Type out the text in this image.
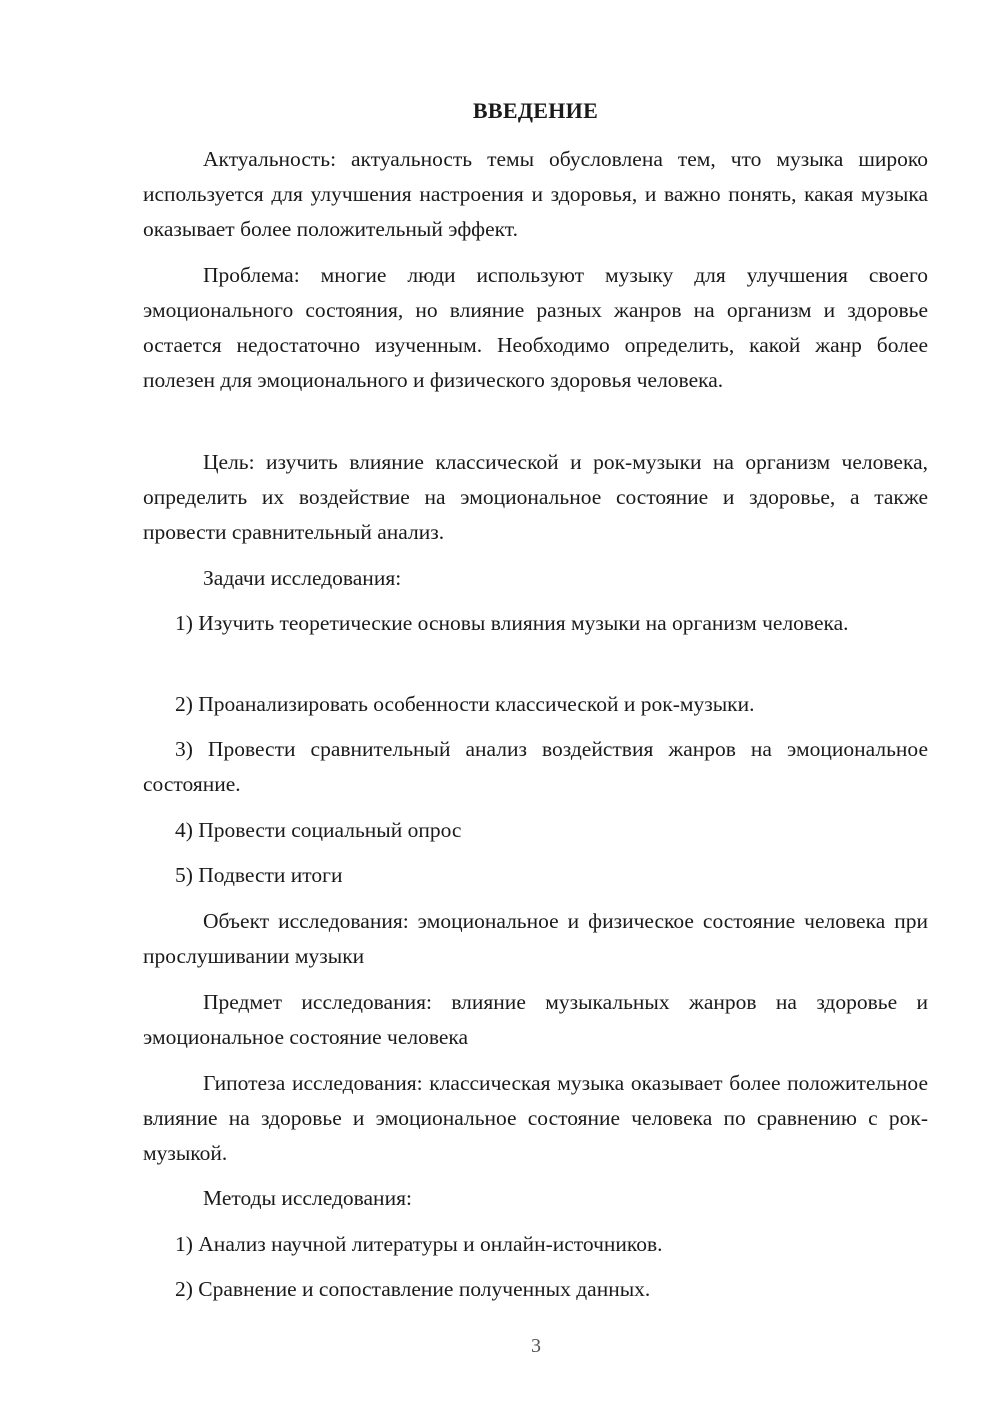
ВВЕДЕНИЕ

Актуальность: актуальность темы обусловлена тем, что музыка широко используется для улучшения настроения и здоровья, и важно понять, какая музыка оказывает более положительный эффект.

Проблема: многие люди используют музыку для улучшения своего эмоционального состояния, но влияние разных жанров на организм и здоровье остается недостаточно изученным. Необходимо определить, какой жанр более полезен для эмоционального и физического здоровья человека.

Цель: изучить влияние классической и рок-музыки на организм человека, определить их воздействие на эмоциональное состояние и здоровье, а также провести сравнительный анализ.

Задачи исследования:

1) Изучить теоретические основы влияния музыки на организм человека.

2) Проанализировать особенности классической и рок-музыки.

3) Провести сравнительный анализ воздействия жанров на эмоциональное состояние.

4) Провести социальный опрос

5) Подвести итоги

Объект исследования: эмоциональное и физическое состояние человека при прослушивании музыки

Предмет исследования: влияние музыкальных жанров на здоровье и эмоциональное состояние человека

Гипотеза исследования: классическая музыка оказывает более положительное влияние на здоровье и эмоциональное состояние человека по сравнению с рок-музыкой.

Методы исследования:

1) Анализ научной литературы и онлайн-источников.

2) Сравнение и сопоставление полученных данных.

3
